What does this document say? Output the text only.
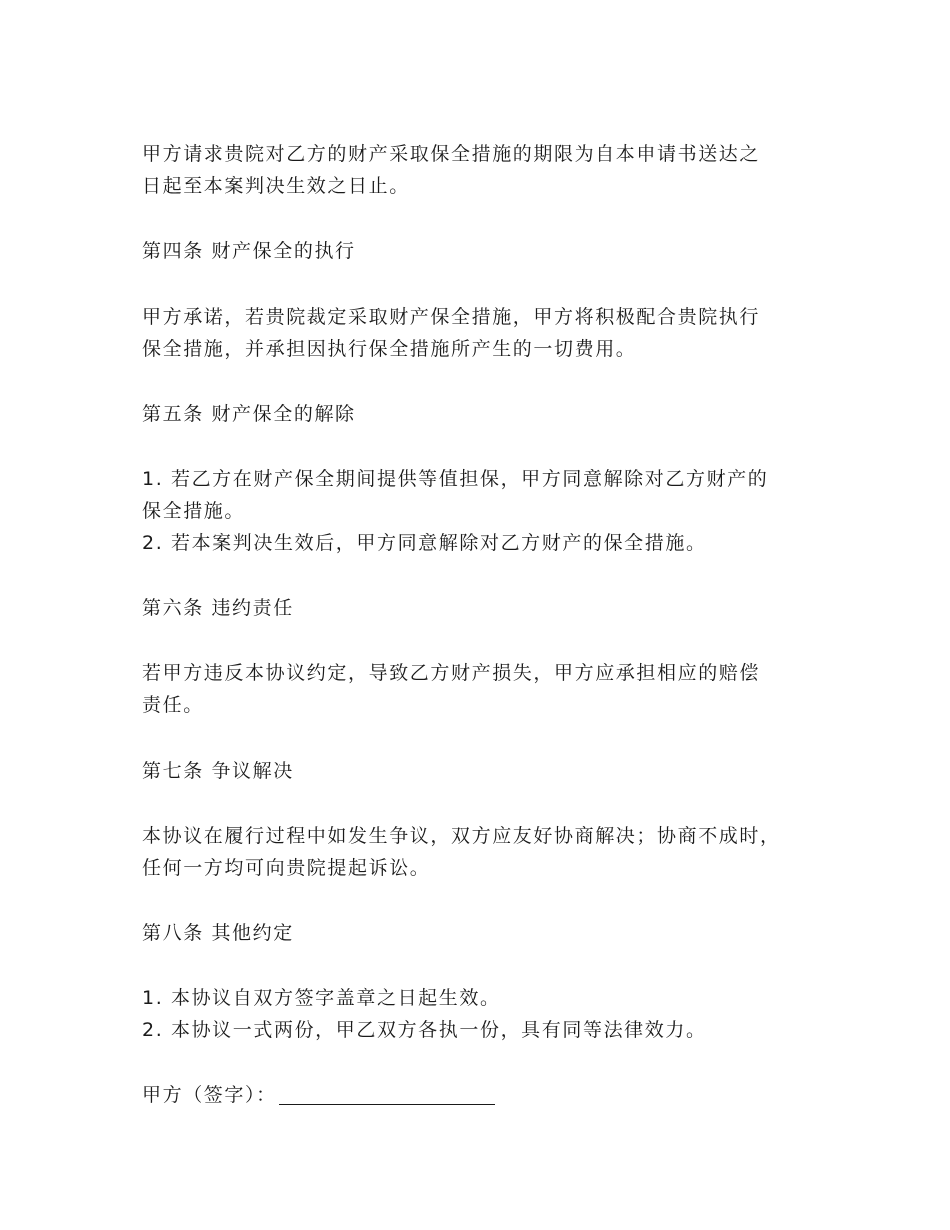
甲方请求贵院对乙方的财产采取保全措施的期限为自本申请书送达之
日起至本案判决生效之日止。
第四条 财产保全的执行
甲方承诺，若贵院裁定采取财产保全措施，甲方将积极配合贵院执行
保全措施，并承担因执行保全措施所产生的一切费用。
第五条 财产保全的解除
1. 若乙方在财产保全期间提供等值担保，甲方同意解除对乙方财产的
保全措施。
2. 若本案判决生效后，甲方同意解除对乙方财产的保全措施。
第六条 违约责任
若甲方违反本协议约定，导致乙方财产损失，甲方应承担相应的赔偿
责任。
第七条 争议解决
本协议在履行过程中如发生争议，双方应友好协商解决；协商不成时，
任何一方均可向贵院提起诉讼。
第八条 其他约定
1. 本协议自双方签字盖章之日起生效。
2. 本协议一式两份，甲乙双方各执一份，具有同等法律效力。
甲方（签字）：
